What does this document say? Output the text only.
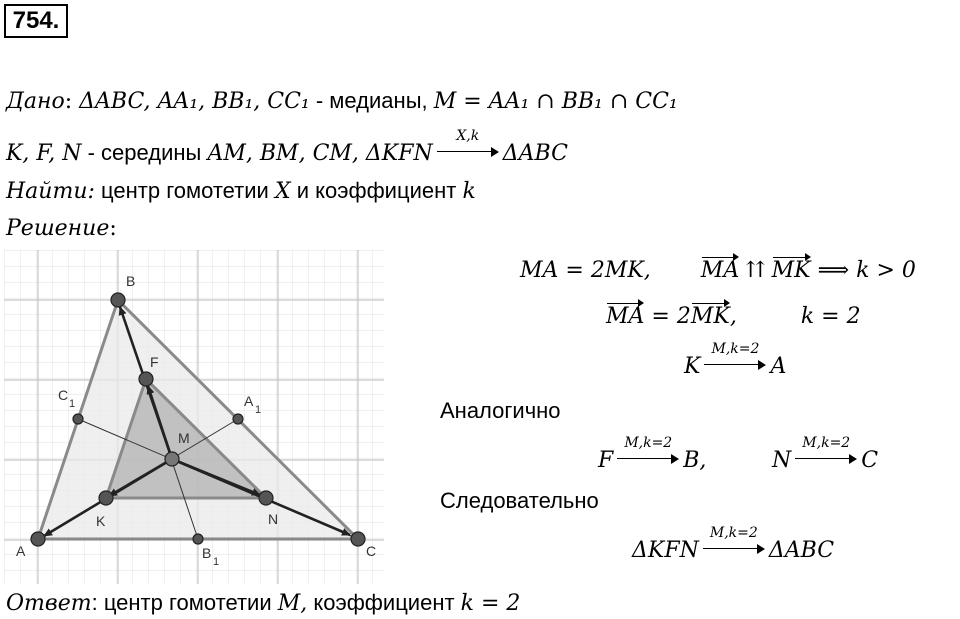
754.
Дано: ΔABC, AA₁, BB₁, CC₁ - медианы, M = AA₁ ∩ BB₁ ∩ CC₁
K, F, N - середины AM, BM, CM, ΔKFN
X,k
ΔABC
Найти: центр гомотетии X и коэффициент k
Решение:
B
A	C
F
K	N
M
A
1
C
1
B
1
MA = 2MK, MA ⇈ MK ⟹ k > 0
MA = 2MK,	k = 2
K
M,k=2
A
Аналогично
F
M,k=2
B,	N
M,k=2
C
Следовательно
ΔKFN
M,k=2
ΔABC
Ответ: центр гомотетии M, коэффициент k = 2
